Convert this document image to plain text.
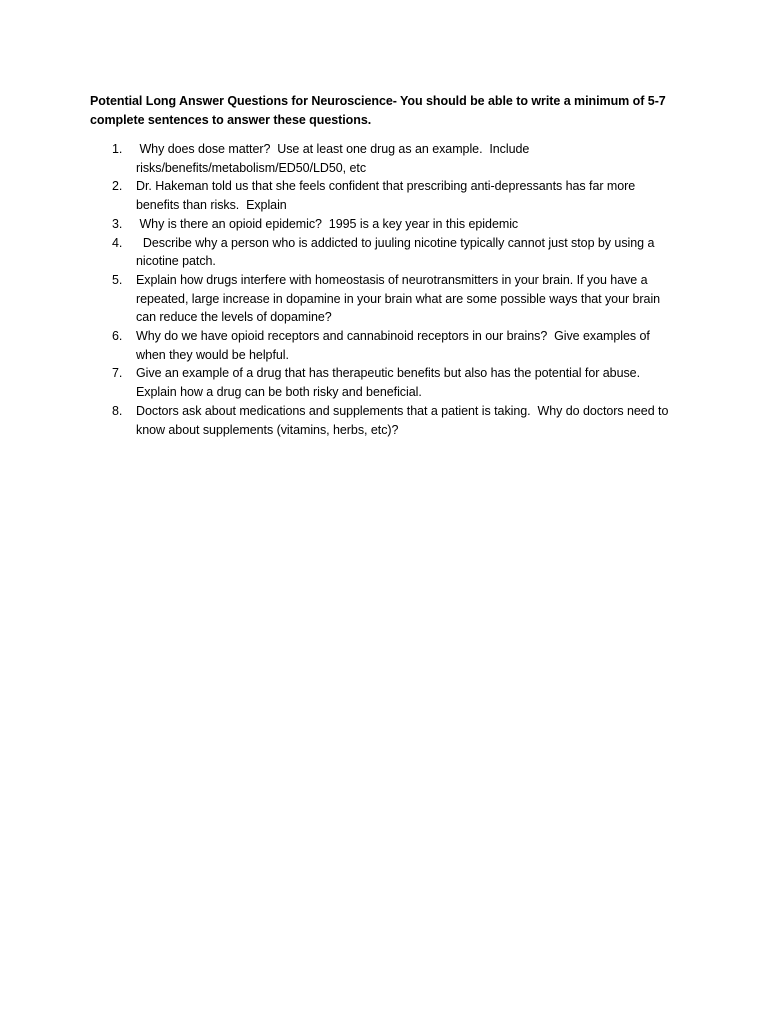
Potential Long Answer Questions for Neuroscience- You should be able to write a minimum of 5-7 complete sentences to answer these questions.
1. Why does dose matter?  Use at least one drug as an example.  Include risks/benefits/metabolism/ED50/LD50, etc
2. Dr. Hakeman told us that she feels confident that prescribing anti-depressants has far more benefits than risks.  Explain
3. Why is there an opioid epidemic?  1995 is a key year in this epidemic
4. Describe why a person who is addicted to juuling nicotine typically cannot just stop by using a nicotine patch.
5. Explain how drugs interfere with homeostasis of neurotransmitters in your brain. If you have a repeated, large increase in dopamine in your brain what are some possible ways that your brain can reduce the levels of dopamine?
6. Why do we have opioid receptors and cannabinoid receptors in our brains?  Give examples of when they would be helpful.
7. Give an example of a drug that has therapeutic benefits but also has the potential for abuse.  Explain how a drug can be both risky and beneficial.
8. Doctors ask about medications and supplements that a patient is taking.  Why do doctors need to know about supplements (vitamins, herbs, etc)?
